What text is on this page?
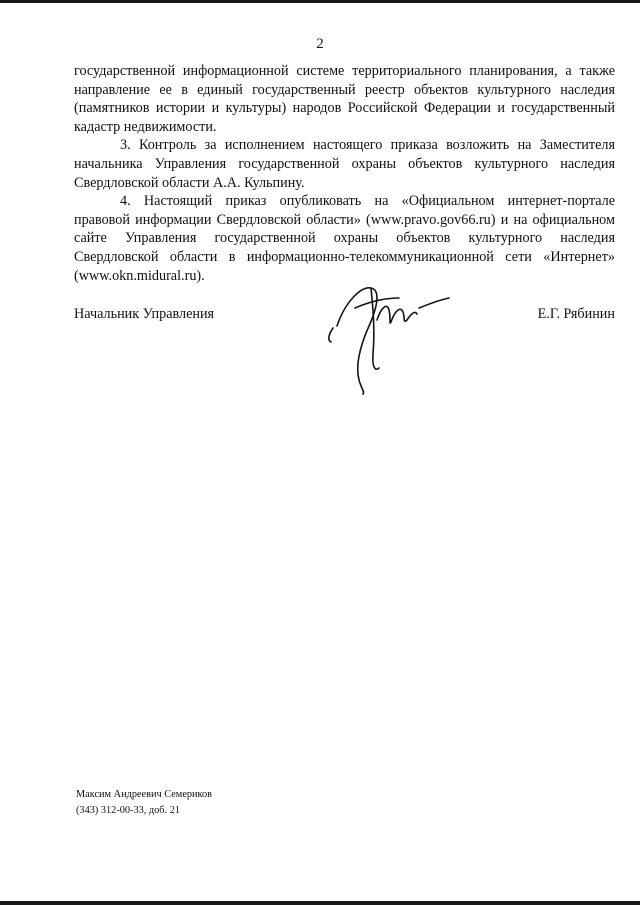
2

государственной информационной системе территориального планирования, а также направление ее в единый государственный реестр объектов культурного наследия (памятников истории и культуры) народов Российской Федерации и государственный кадастр недвижимости.

3. Контроль за исполнением настоящего приказа возложить на Заместителя начальника Управления государственной охраны объектов культурного наследия Свердловской области А.А. Кульпину.

4. Настоящий приказ опубликовать на «Официальном интернет-портале правовой информации Свердловской области» (www.pravo.gov66.ru) и на официальном сайте Управления государственной охраны объектов культурного наследия Свердловской области в информационно-телекоммуникационной сети «Интернет» (www.okn.midural.ru).

Начальник Управления	Е.Г. Рябинин
Максим Андреевич Семериков
(343) 312-00-33, доб. 21
